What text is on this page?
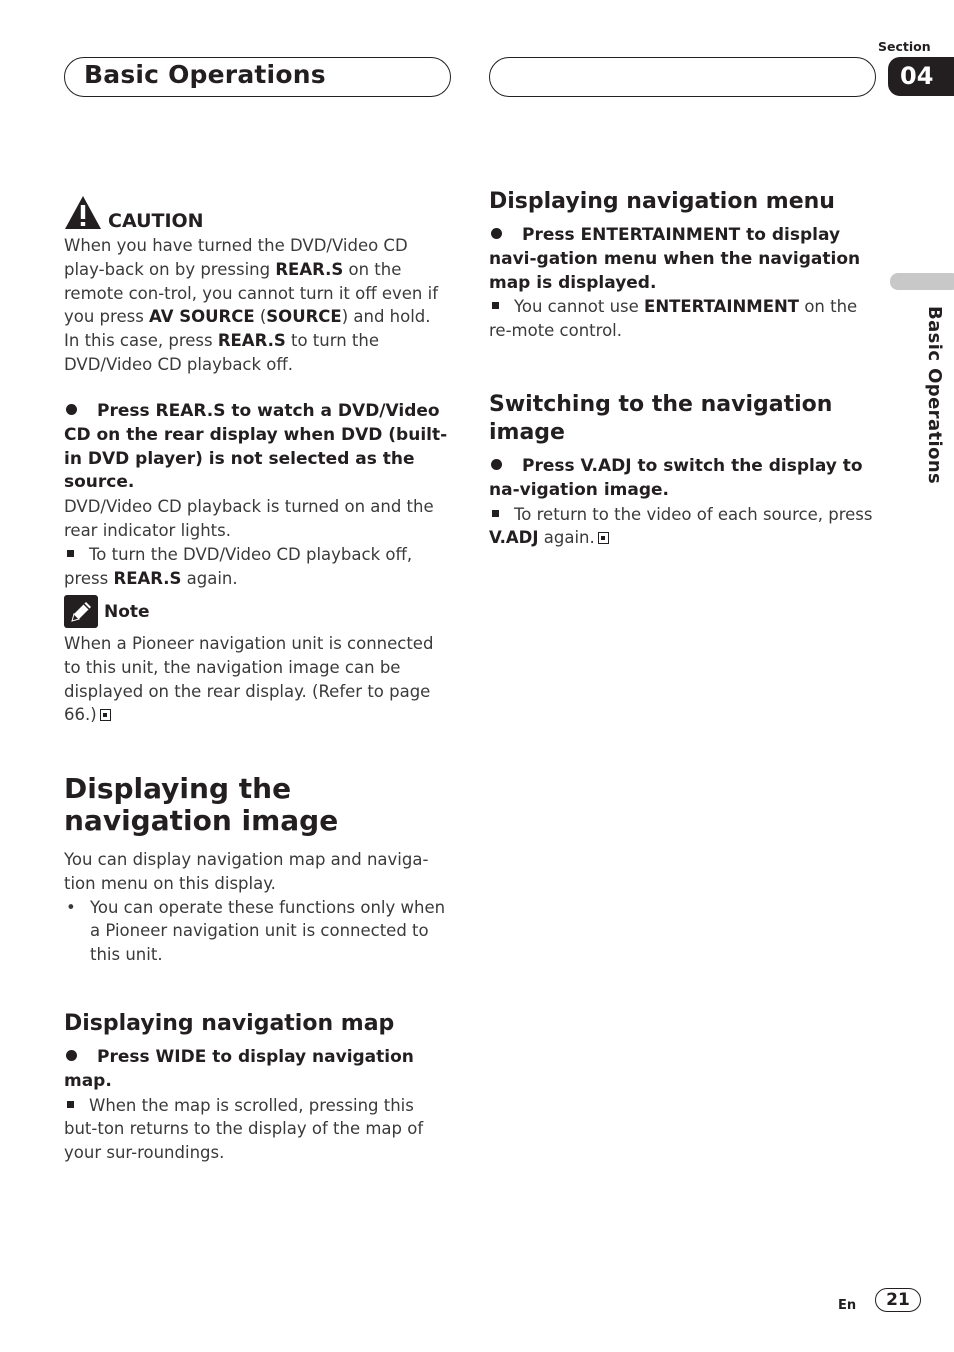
Basic Operations
Section
04
Basic Operations
CAUTION

When you have turned the DVD/Video CD play-back on by pressing REAR.S on the remote con-trol, you cannot turn it off even if you press AV SOURCE (SOURCE) and hold. In this case, press REAR.S to turn the DVD/Video CD playback off.

Press REAR.S to watch a DVD/Video CD on the rear display when DVD (built-in DVD player) is not selected as the source.

DVD/Video CD playback is turned on and the rear indicator lights.

To turn the DVD/Video CD playback off, press REAR.S again.

Note

When a Pioneer navigation unit is connected to this unit, the navigation image can be displayed on the rear display. (Refer to page 66.)

Displaying the navigation image

You can display navigation map and naviga-tion menu on this display.

• You can operate these functions only when a Pioneer navigation unit is connected to this unit.
Displaying navigation map

Press WIDE to display navigation map.

When the map is scrolled, pressing this but-ton returns to the display of the map of your sur-roundings.

Displaying navigation menu

Press ENTERTAINMENT to display navi-gation menu when the navigation map is displayed.

You cannot use ENTERTAINMENT on the re-mote control.

Switching to the navigation image

Press V.ADJ to switch the display to na-vigation image.

To return to the video of each source, press V.ADJ again.

En	21
